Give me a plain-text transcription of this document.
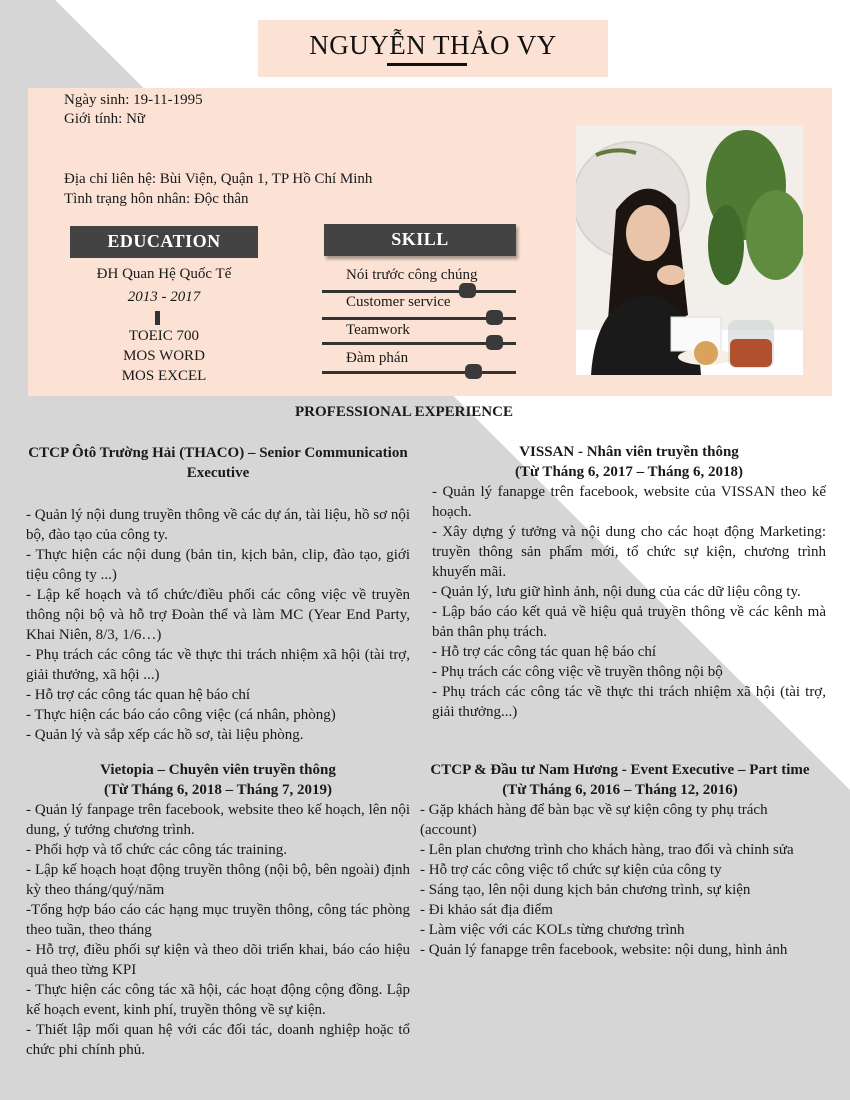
NGUYỄN THẢO VY
Ngày sinh: 19-11-1995
Giới tính: Nữ
Địa chỉ liên hệ: Bùi Viện, Quận 1, TP Hồ Chí Minh
Tình trạng hôn nhân: Độc thân
EDUCATION
ĐH Quan Hệ Quốc Tế
2013 - 2017
TOEIC 700
MOS WORD
MOS EXCEL
SKILL
Nói trước công chúng
Customer service
Teamwork
Đàm phán
PROFESSIONAL EXPERIENCE
CTCP Ôtô Trường Hải (THACO) – Senior Communication Executive

- Quản lý nội dung truyền thông về các dự án, tài liệu, hồ sơ nội bộ, đào tạo của công ty.

- Thực hiện các nội dung (bản tin, kịch bản, clip, đào tạo, giới tiệu công ty ...)

- Lập kế hoạch và tổ chức/điều phối các công việc về truyền thông nội bộ và hỗ trợ Đoàn thể và làm MC (Year End Party, Khai Niên, 8/3, 1/6…)

- Phụ trách các công tác về thực thi trách nhiệm xã hội (tài trợ, giải thưởng, xã hội ...)

- Hỗ trợ các công tác quan hệ báo chí

- Thực hiện các báo cáo công việc (cá nhân, phòng)

- Quản lý và sắp xếp các hồ sơ, tài liệu phòng.

VISSAN - Nhân viên truyền thông
(Từ Tháng 6, 2017 – Tháng 6, 2018)

- Quản lý fanapge trên facebook, website của VISSAN theo kế hoạch.

- Xây dựng ý tưởng và nội dung cho các hoạt động Marketing: truyền thông sản phẩm mới, tổ chức sự kiện, chương trình khuyến mãi.

- Quản lý, lưu giữ hình ảnh, nội dung của các dữ liệu công ty.

- Lập báo cáo kết quả về hiệu quả truyền thông về các kênh mà bản thân phụ trách.

- Hỗ trợ các công tác quan hệ báo chí

- Phụ trách các công việc về truyền thông nội bộ

- Phụ trách các công tác về thực thi trách nhiệm xã hội (tài trợ, giải thưởng...)

Vietopia – Chuyên viên truyền thông
(Từ Tháng 6, 2018 – Tháng 7, 2019)

- Quản lý fanpage trên facebook, website theo kế hoạch, lên nội dung, ý tưởng chương trình.

- Phối hợp và tổ chức các công tác training.

- Lập kế hoạch hoạt động truyền thông (nội bộ, bên ngoài) định kỳ theo tháng/quý/năm

-Tổng hợp báo cáo các hạng mục truyền thông, công tác phòng theo tuần, theo tháng

- Hỗ trợ, điều phối sự kiện và theo dõi triển khai, báo cáo hiệu quả theo từng KPI

- Thực hiện các công tác xã hội, các hoạt động cộng đồng. Lập kế hoạch event, kinh phí, truyền thông về sự kiện.

- Thiết lập mối quan hệ với các đối tác, doanh nghiệp hoặc tổ chức phi chính phủ.

CTCP & Đầu tư Nam Hương - Event Executive – Part time
(Từ Tháng 6, 2016 – Tháng 12, 2016)

- Gặp khách hàng để bàn bạc về sự kiện công ty phụ trách (account)

- Lên plan chương trình cho khách hàng, trao đổi và chỉnh sửa

- Hỗ trợ các công việc tổ chức sự kiện của công ty

- Sáng tạo, lên nội dung kịch bản chương trình, sự kiện

- Đi khảo sát địa điểm

- Làm việc với các KOLs từng chương trình

- Quản lý fanapge trên facebook, website: nội dung, hình ảnh
